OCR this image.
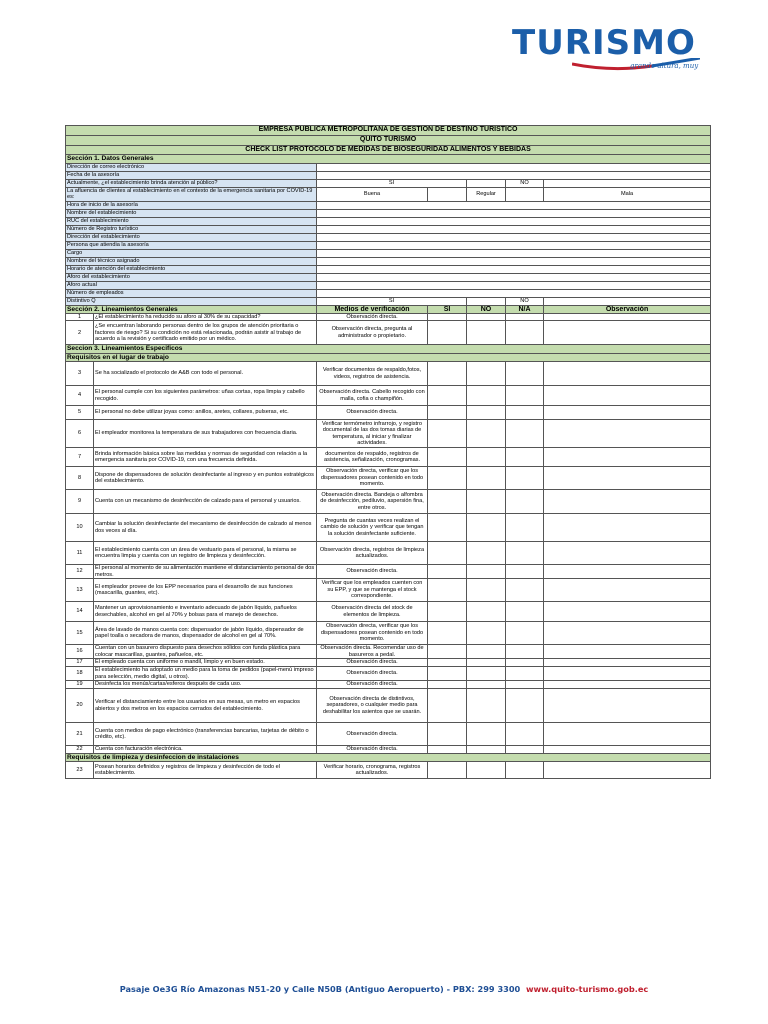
TURISMO
grande altura, muy
EMPRESA PÚBLICA METROPOLITANA DE GESTIÓN DE DESTINO TURÍSTICO						
QUITO TURISMO						
CHECK LIST PROTOCOLO DE MEDIDAS DE BIOSEGURIDAD ALIMENTOS Y BEBIDAS						
Sección 1. Datos Generales						
Dirección de correo electrónico						
Fecha de la asesoría						
Actualmente, ¿el establecimiento brinda atención al público?		SI			NO	
La afluencia de clientes al establecimiento en el contexto de la emergencia sanitaria por COVID-19 es:		Buena		Regular		Mala
Hora de inicio de la asesoría						
Nombre del establecimiento						
RUC del establecimiento						
Número de Registro turístico						
Dirección del establecimiento						
Persona que atiendia la asesoría						
Cargo						
Nombre del técnico asignado						
Horario de atención del establecimiento						
Aforo del establecimiento						
Aforo actual						
Número de empleados						
Distintivo Q		SI			NO	
Sección 2. Lineamientos Generales		Medios de verificación	SI	NO	N/A	Observación
1	¿El establecimiento ha reducido su aforo al 30% de su capacidad?	Observación directa.				
2	¿Se encuentran laborando personas dentro de los grupos de atención prioritaria o factores de riesgo? Si su condición no está relacionada, podrán asistir al trabajo de acuerdo a la revisión y certificado emitido por un médico.	Observación directa, pregunta al administrador o propietario.				
Seccion 3. Lineamientos Especificos						
Requisitos en el lugar de trabajo						
3	Se ha socializado el protocolo de A&B con todo el personal.	Verificar documentos de respaldo,fotos, videos, registros de asistencia.				
4	El personal cumple con los siguientes parámetros: uñas cortas, ropa limpia y cabello recogido.	Observación directa. Cabello recogido con malla, cofia o champiñón.				
5	El personal no debe utilizar joyas como: anillos, aretes, collares, pulseras, etc.	Observación directa.				
6	El empleador monitorea la temperatura de sus trabajadores con frecuencia diaria.	Verificar termómetro infrarrojo, y registro documental de las dos tomas diarias de temperatura, al iniciar y finalizar actividades.				
7	Brinda información básica sobre las medidas y normas de seguridad con relación a la emergencia sanitaria por COVID-19, con una frecuencia definida.	documentos de respaldo, registros de asistencia, señalización, cronogramas.				
8	Dispone de dispensadores de solución desinfectante al ingreso y en puntos estratégicos del establecimiento.	Observación directa, verificar que los dispensadores posean contenido en todo momento.				
9	Cuenta con un mecanismo de desinfección de calzado para el personal y usuarios.	Observación directa. Bandeja o alfombra de desinfección, pediluvio, aspersión fina, entre otros.				
10	Cambiar la solución desinfectante del mecanismo de desinfección de calzado al menos dos veces al día.	Pregunta de cuantas veces realizan el cambio de solución y verificar que tengan la solución desinfectante suficiente.				
11	El establecimiento cuenta con un área de vestuario para el personal, la misma se encuentra limpia y cuenta con un registro de limpieza y desinfección.	Observación directa, registros de limpieza actualizados.				
12	El personal al momento de su alimentación mantiene el distanciamiento personal de dos metros.	Observación directa.				
13	El empleador provee de los EPP necesarios para el desarrollo de sus funciones (mascarilla, guantes, etc).	Verificar que los empleados cuenten con su EPP, y que se mantenga el stock correspondiente.				
14	Mantener un aprovisionamiento e inventario adecuado de jabón líquido, pañuelos desechables, alcohol en gel al 70% y bolsas para el manejo de desechos.	Observación directa del stock de elementos de limpieza.				
15	Área de lavado de manos cuenta con: dispensador de jabón líquido, dispensador de papel toalla o secadora de manos, dispensador de alcohol en gel al 70%.	Observación directa, verificar que los dispensadores posean contenido en todo momento.				
16	Cuentan con un basurero dispuesto para desechos sólidos con funda plástica para colocar mascarillas, guantes, pañuelos, etc.	Observación directa. Recomendar uso de basureros a pedal.				
17	El empleado cuenta con uniforme o mandil, limpio y en buen estado.	Observación directa.				
18	El establecimiento ha adoptado un medio para la toma de pedidos (papel-menú impreso para selección, medio digital, u otros).	Observación directa.				
19	Desinfecta los menús/cartas/esferos después de cada uso.	Observación directa.				
20	Verificar el distanciamiento entre los usuarios en sus mesas, un metro en espacios abiertos y dos metros en los espacios cerrados del establecimiento.	Observación directa de distintivos, separadores, o cualquier medio para deshabilitar los asientos que se usarán.				
21	Cuenta con medios de pago electrónico (transferencias bancarias, tarjetas de débito o crédito, etc).	Observación directa.				
22	Cuenta con facturación electrónica.	Observación directa.				
Requisitos de limpieza y desinfeccion de instalaciones						
23	Posean horarios definidos y registros de limpieza y desinfección de todo el establecimiento.	Verificar horario, cronograma, registros actualizados.				
Pasaje Oe3G Río Amazonas N51-20 y Calle N50B (Antiguo Aeropuerto) - PBX: 299 3300 www.quito-turismo.gob.ec
